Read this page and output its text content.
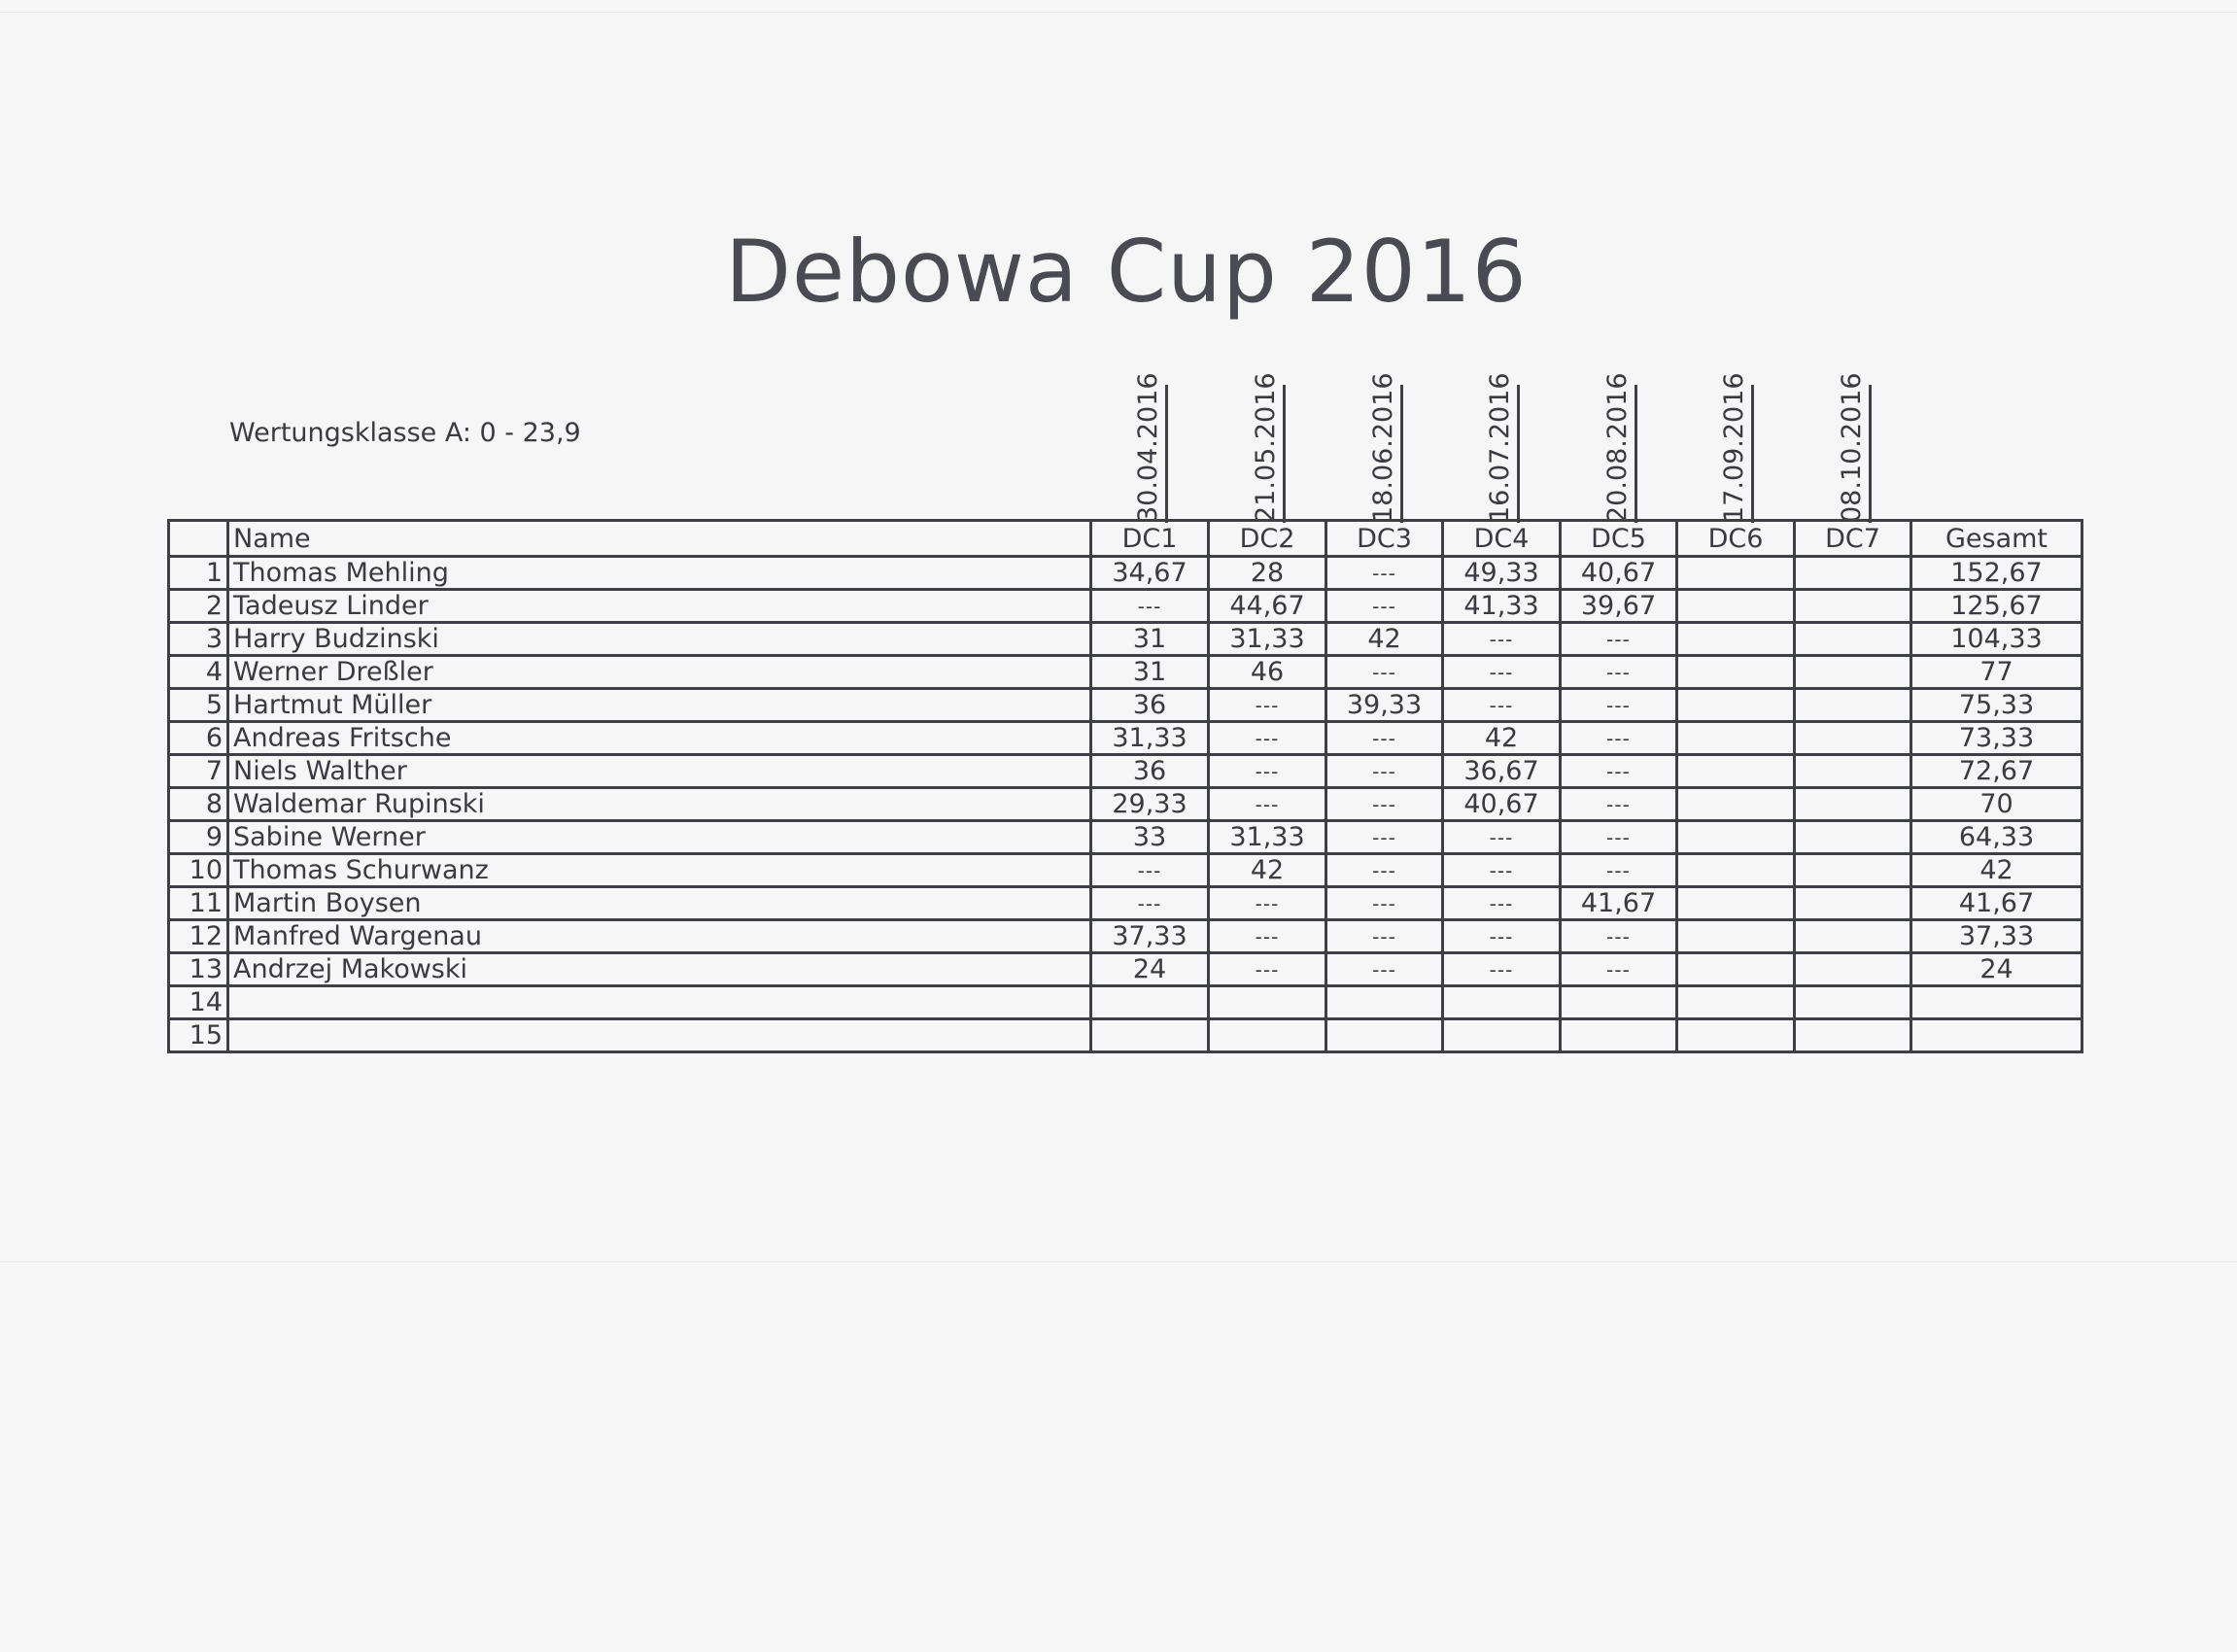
Debowa Cup 2016
Wertungsklasse A: 0 - 23,9	30.04.2016	21.05.2016	18.06.2016	16.07.2016	20.08.2016	17.09.2016	08.10.2016
	Name	DC1	DC2	DC3	DC4	DC5	DC6	DC7	Gesamt
1	Thomas Mehling	34,67	28	---	49,33	40,67			152,67
2	Tadeusz Linder	---	44,67	---	41,33	39,67			125,67
3	Harry Budzinski	31	31,33	42	---	---			104,33
4	Werner Dreßler	31	46	---	---	---			77
5	Hartmut Müller	36	---	39,33	---	---			75,33
6	Andreas Fritsche	31,33	---	---	42	---			73,33
7	Niels Walther	36	---	---	36,67	---			72,67
8	Waldemar Rupinski	29,33	---	---	40,67	---			70
9	Sabine Werner	33	31,33	---	---	---			64,33
10	Thomas Schurwanz	---	42	---	---	---			42
11	Martin Boysen	---	---	---	---	41,67			41,67
12	Manfred Wargenau	37,33	---	---	---	---			37,33
13	Andrzej Makowski	24	---	---	---	---			24
14									
15									
